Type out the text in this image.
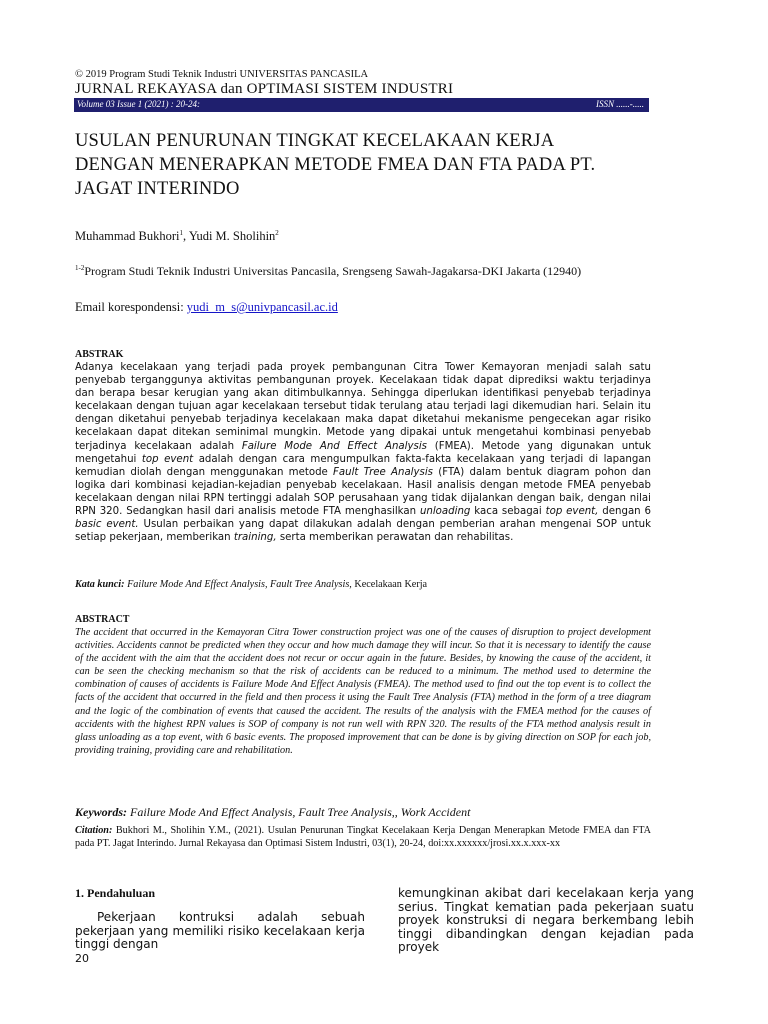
© 2019 Program Studi Teknik Industri UNIVERSITAS PANCASILA
JURNAL REKAYASA dan OPTIMASI SISTEM INDUSTRI
Volume 03 Issue 1 (2021) : 20-24:	ISSN ......-.....
USULAN PENURUNAN TINGKAT KECELAKAAN KERJA DENGAN MENERAPKAN METODE FMEA DAN FTA PADA PT. JAGAT INTERINDO
Muhammad Bukhori$^1$, Yudi M. Sholihin$^2$
$^{1-2}$Program Studi Teknik Industri Universitas Pancasila, Srengseng Sawah-Jagakarsa-DKI Jakarta (12940)
Email korespondensi: yudi_m_s@univpancasil.ac.id
ABSTRAK
Adanya kecelakaan yang terjadi pada proyek pembangunan Citra Tower Kemayoran menjadi salah satu penyebab terganggunya aktivitas pembangunan proyek. Kecelakaan tidak dapat diprediksi waktu terjadinya dan berapa besar kerugian yang akan ditimbulkannya. Sehingga diperlukan identifikasi penyebab terjadinya kecelakaan dengan tujuan agar kecelakaan tersebut tidak terulang atau terjadi lagi dikemudian hari. Selain itu dengan diketahui penyebab terjadinya kecelakaan maka dapat diketahui mekanisme pengecekan agar risiko kecelakaan dapat ditekan seminimal mungkin. Metode yang dipakai untuk mengetahui kombinasi penyebab terjadinya kecelakaan adalah Failure Mode And Effect Analysis (FMEA). Metode yang digunakan untuk mengetahui top event adalah dengan cara mengumpulkan fakta-fakta kecelakaan yang terjadi di lapangan kemudian diolah dengan menggunakan metode Fault Tree Analysis (FTA) dalam bentuk diagram pohon dan logika dari kombinasi kejadian-kejadian penyebab kecelakaan. Hasil analisis dengan metode FMEA penyebab kecelakaan dengan nilai RPN tertinggi adalah SOP perusahaan yang tidak dijalankan dengan baik, dengan nilai RPN 320. Sedangkan hasil dari analisis metode FTA menghasilkan unloading kaca sebagai top event, dengan 6 basic event. Usulan perbaikan yang dapat dilakukan adalah dengan pemberian arahan mengenai SOP untuk setiap pekerjaan, memberikan training, serta memberikan perawatan dan rehabilitas.
Kata kunci: Failure Mode And Effect Analysis, Fault Tree Analysis, Kecelakaan Kerja
ABSTRACT
The accident that occurred in the Kemayoran Citra Tower construction project was one of the causes of disruption to project development activities. Accidents cannot be predicted when they occur and how much damage they will incur. So that it is necessary to identify the cause of the accident with the aim that the accident does not recur or occur again in the future. Besides, by knowing the cause of the accident, it can be seen the checking mechanism so that the risk of accidents can be reduced to a minimum. The method used to determine the combination of causes of accidents is Failure Mode And Effect Analysis (FMEA). The method used to find out the top event is to collect the facts of the accident that occurred in the field and then process it using the Fault Tree Analysis (FTA) method in the form of a tree diagram and the logic of the combination of events that caused the accident. The results of the analysis with the FMEA method for the causes of accidents with the highest RPN values is SOP of company is not run well with RPN 320. The results of the FTA method analysis result in glass unloading as a top event, with 6 basic events. The proposed improvement that can be done is by giving direction on SOP for each job, providing training, providing care and rehabilitation.
Keywords: Failure Mode And Effect Analysis, Fault Tree Analysis,, Work Accident
Citation: Bukhori M., Sholihin Y.M., (2021). Usulan Penurunan Tingkat Kecelakaan Kerja Dengan Menerapkan Metode FMEA dan FTA pada PT. Jagat Interindo. Jurnal Rekayasa dan Optimasi Sistem Industri, 03(1), 20-24, doi:xx.xxxxxx/jrosi.xx.x.xxx-xx
1. Pendahuluan
Pekerjaan kontruksi adalah sebuah pekerjaan yang memiliki risiko kecelakaan kerja tinggi dengan
kemungkinan akibat dari kecelakaan kerja yang serius. Tingkat kematian pada pekerjaan suatu proyek konstruksi di negara berkembang lebih tinggi dibandingkan dengan kejadian pada proyek
20
